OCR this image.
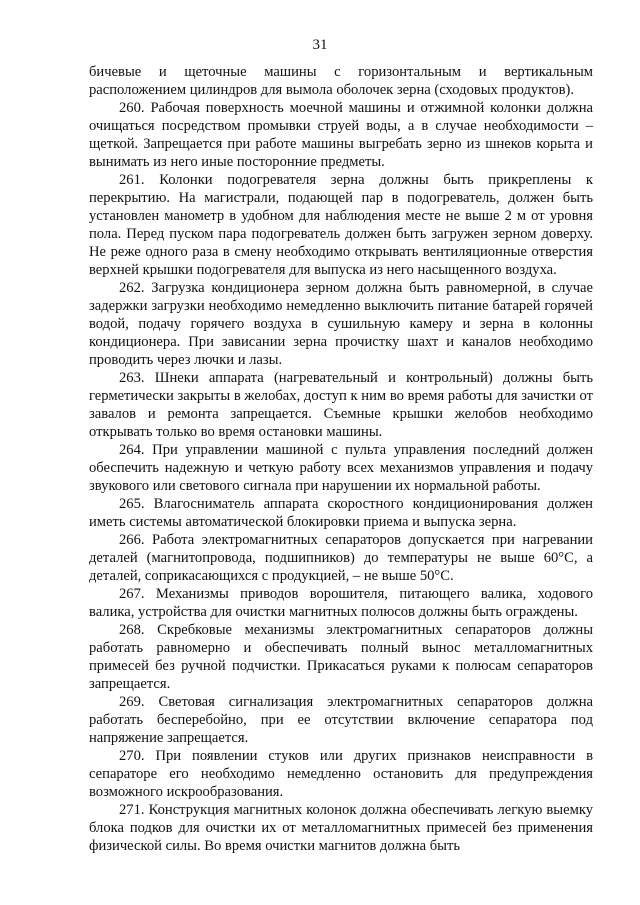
31

бичевые и щеточные машины с горизонтальным и вертикальным расположением цилиндров для вымола оболочек зерна (сходовых продуктов).

260. Рабочая поверхность моечной машины и отжимной колонки должна очищаться посредством промывки струей воды, а в случае необходимости – щеткой. Запрещается при работе машины выгребать зерно из шнеков корыта и вынимать из него иные посторонние предметы.

261. Колонки подогревателя зерна должны быть прикреплены к перекрытию. На магистрали, подающей пар в подогреватель, должен быть установлен манометр в удобном для наблюдения месте не выше 2 м от уровня пола. Перед пуском пара подогреватель должен быть загружен зерном доверху. Не реже одного раза в смену необходимо открывать вентиляционные отверстия верхней крышки подогревателя для выпуска из него насыщенного воздуха.

262. Загрузка кондиционера зерном должна быть равномерной, в случае задержки загрузки необходимо немедленно выключить питание батарей горячей водой, подачу горячего воздуха в сушильную камеру и зерна в колонны кондиционера. При зависании зерна прочистку шахт и каналов необходимо проводить через лючки и лазы.

263. Шнеки аппарата (нагревательный и контрольный) должны быть герметически закрыты в желобах, доступ к ним во время работы для зачистки от завалов и ремонта запрещается. Съемные крышки желобов необходимо открывать только во время остановки машины.

264. При управлении машиной с пульта управления последний должен обеспечить надежную и четкую работу всех механизмов управления и подачу звукового или светового сигнала при нарушении их нормальной работы.

265. Влагосниматель аппарата скоростного кондиционирования должен иметь системы автоматической блокировки приема и выпуска зерна.

266. Работа электромагнитных сепараторов допускается при нагревании деталей (магнитопровода, подшипников) до температуры не выше 60°С, а деталей, соприкасающихся с продукцией, – не выше 50°С.

267. Механизмы приводов ворошителя, питающего валика, ходового валика, устройства для очистки магнитных полюсов должны быть ограждены.

268. Скребковые механизмы электромагнитных сепараторов должны работать равномерно и обеспечивать полный вынос металломагнитных примесей без ручной подчистки. Прикасаться руками к полюсам сепараторов запрещается.

269. Световая сигнализация электромагнитных сепараторов должна работать бесперебойно, при ее отсутствии включение сепаратора под напряжение запрещается.

270. При появлении стуков или других признаков неисправности в сепараторе его необходимо немедленно остановить для предупреждения возможного искрообразования.

271. Конструкция магнитных колонок должна обеспечивать легкую выемку блока подков для очистки их от металломагнитных примесей без применения физической силы. Во время очистки магнитов должна быть
